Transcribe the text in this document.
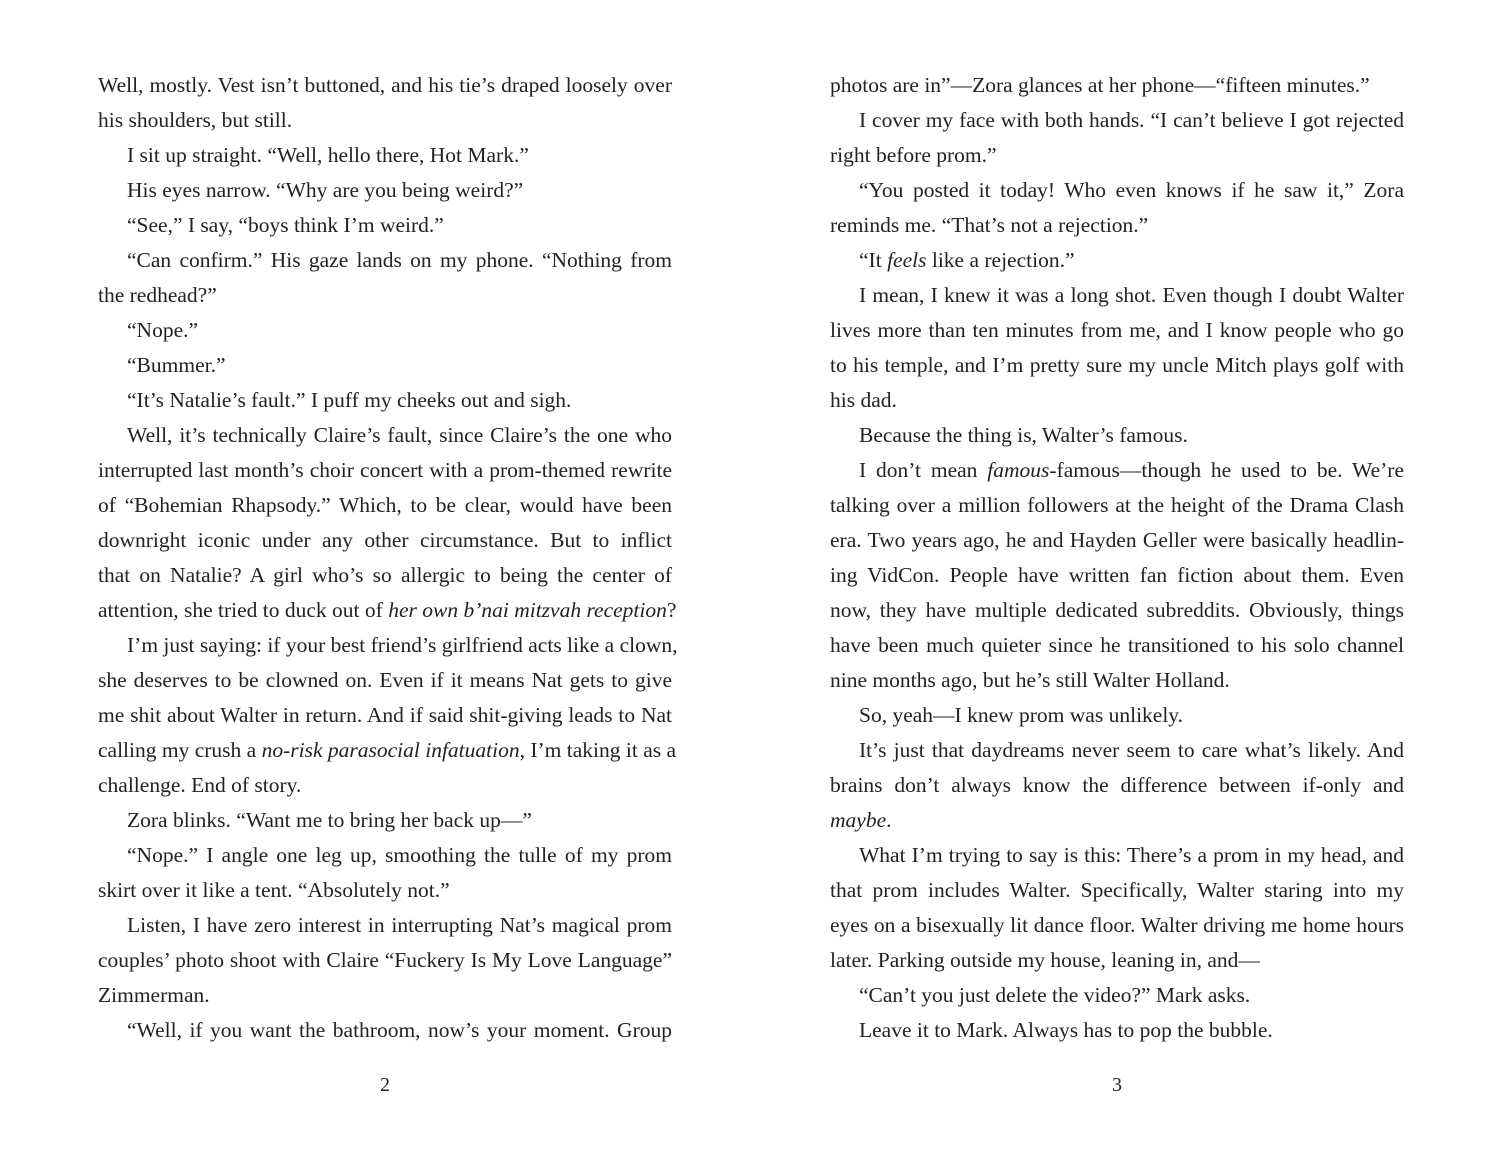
Well, mostly. Vest isn’t buttoned, and his tie’s draped loosely over
his shoulders, but still.
I sit up straight. “Well, hello there, Hot Mark.”
His eyes narrow. “Why are you being weird?”
“See,” I say, “boys think I’m weird.”
“Can confirm.” His gaze lands on my phone. “Nothing from
the redhead?”
“Nope.”
“Bummer.”
“It’s Natalie’s fault.” I puff my cheeks out and sigh.
Well, it’s technically Claire’s fault, since Claire’s the one who
interrupted last month’s choir concert with a prom-themed rewrite
of “Bohemian Rhapsody.” Which, to be clear, would have been
downright iconic under any other circumstance. But to inflict
that on Natalie? A girl who’s so allergic to being the center of
attention, she tried to duck out of her own b’nai mitzvah reception?
I’m just saying: if your best friend’s girlfriend acts like a clown,
she deserves to be clowned on. Even if it means Nat gets to give
me shit about Walter in return. And if said shit-giving leads to Nat
calling my crush a no-risk parasocial infatuation, I’m taking it as a
challenge. End of story.
Zora blinks. “Want me to bring her back up—”
“Nope.” I angle one leg up, smoothing the tulle of my prom
skirt over it like a tent. “Absolutely not.”
Listen, I have zero interest in interrupting Nat’s magical prom
couples’ photo shoot with Claire “Fuckery Is My Love Language”
Zimmerman.
“Well, if you want the bathroom, now’s your moment. Group
photos are in”—Zora glances at her phone—“fifteen minutes.”
I cover my face with both hands. “I can’t believe I got rejected
right before prom.”
“You posted it today! Who even knows if he saw it,” Zora
reminds me. “That’s not a rejection.”
“It feels like a rejection.”
I mean, I knew it was a long shot. Even though I doubt Walter
lives more than ten minutes from me, and I know people who go
to his temple, and I’m pretty sure my uncle Mitch plays golf with
his dad.
Because the thing is, Walter’s famous.
I don’t mean famous-famous—though he used to be. We’re
talking over a million followers at the height of the Drama Clash
era. Two years ago, he and Hayden Geller were basically headlin-
ing VidCon. People have written fan fiction about them. Even
now, they have multiple dedicated subreddits. Obviously, things
have been much quieter since he transitioned to his solo channel
nine months ago, but he’s still Walter Holland.
So, yeah—I knew prom was unlikely.
It’s just that daydreams never seem to care what’s likely. And
brains don’t always know the difference between if-only and
maybe.
What I’m trying to say is this: There’s a prom in my head, and
that prom includes Walter. Specifically, Walter staring into my
eyes on a bisexually lit dance floor. Walter driving me home hours
later. Parking outside my house, leaning in, and—
“Can’t you just delete the video?” Mark asks.
Leave it to Mark. Always has to pop the bubble.
2	3
